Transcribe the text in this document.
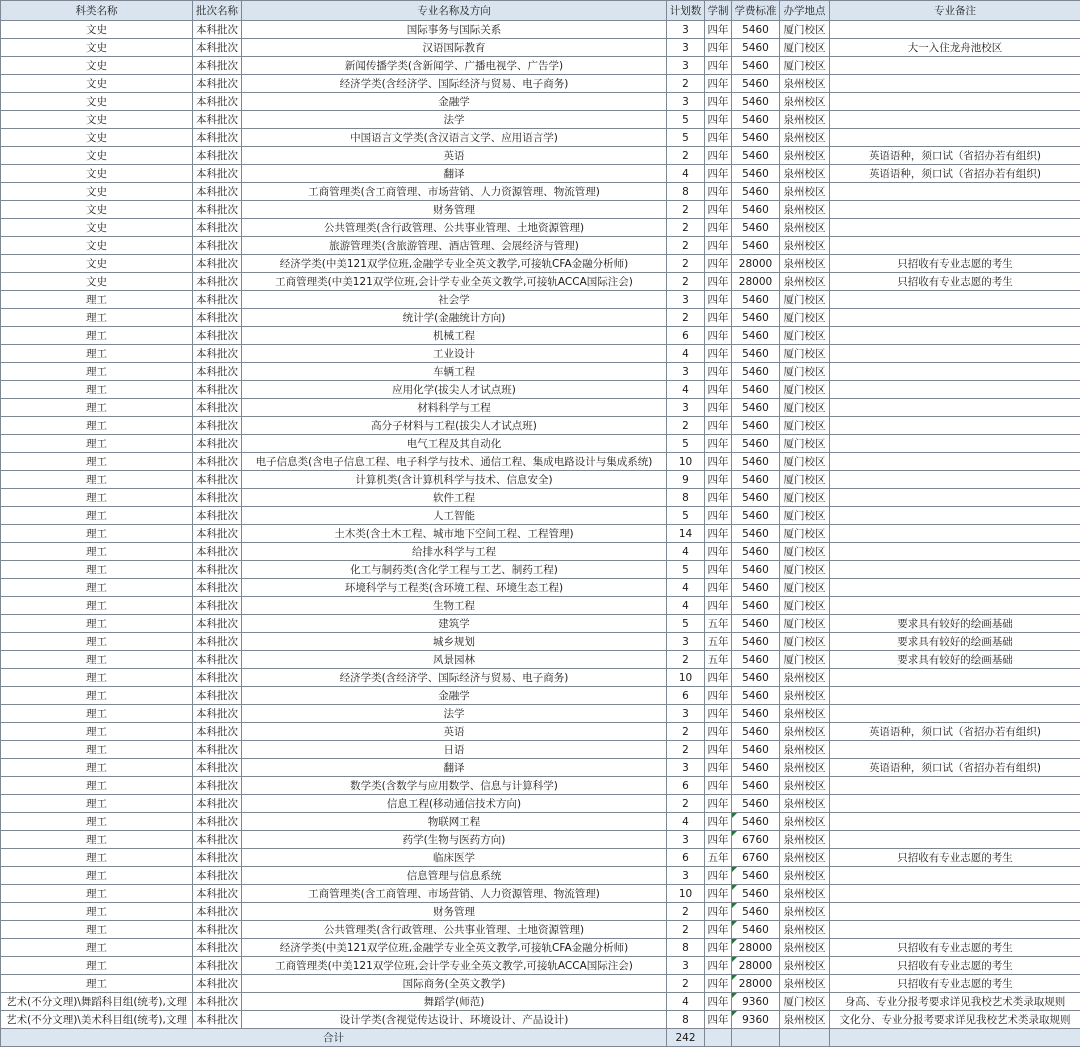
科类名称	批次名称	专业名称及方向	计划数	学制	学费标准	办学地点	专业备注
文史	本科批次	国际事务与国际关系	3	四年	5460	厦门校区	
文史	本科批次	汉语国际教育	3	四年	5460	厦门校区	大一入住龙舟池校区
文史	本科批次	新闻传播学类(含新闻学、广播电视学、广告学)	3	四年	5460	厦门校区	
文史	本科批次	经济学类(含经济学、国际经济与贸易、电子商务)	2	四年	5460	泉州校区	
文史	本科批次	金融学	3	四年	5460	泉州校区	
文史	本科批次	法学	5	四年	5460	泉州校区	
文史	本科批次	中国语言文学类(含汉语言文学、应用语言学)	5	四年	5460	泉州校区	
文史	本科批次	英语	2	四年	5460	泉州校区	英语语种，须口试（省招办若有组织)
文史	本科批次	翻译	4	四年	5460	泉州校区	英语语种，须口试（省招办若有组织)
文史	本科批次	工商管理类(含工商管理、市场营销、人力资源管理、物流管理)	8	四年	5460	泉州校区	
文史	本科批次	财务管理	2	四年	5460	泉州校区	
文史	本科批次	公共管理类(含行政管理、公共事业管理、土地资源管理)	2	四年	5460	泉州校区	
文史	本科批次	旅游管理类(含旅游管理、酒店管理、会展经济与管理)	2	四年	5460	泉州校区	
文史	本科批次	经济学类(中美121双学位班,金融学专业全英文教学,可接轨CFA金融分析师)	2	四年	28000	泉州校区	只招收有专业志愿的考生
文史	本科批次	工商管理类(中美121双学位班,会计学专业全英文教学,可接轨ACCA国际注会)	2	四年	28000	泉州校区	只招收有专业志愿的考生
理工	本科批次	社会学	3	四年	5460	厦门校区	
理工	本科批次	统计学(金融统计方向)	2	四年	5460	厦门校区	
理工	本科批次	机械工程	6	四年	5460	厦门校区	
理工	本科批次	工业设计	4	四年	5460	厦门校区	
理工	本科批次	车辆工程	3	四年	5460	厦门校区	
理工	本科批次	应用化学(拔尖人才试点班)	4	四年	5460	厦门校区	
理工	本科批次	材料科学与工程	3	四年	5460	厦门校区	
理工	本科批次	高分子材料与工程(拔尖人才试点班)	2	四年	5460	厦门校区	
理工	本科批次	电气工程及其自动化	5	四年	5460	厦门校区	
理工	本科批次	电子信息类(含电子信息工程、电子科学与技术、通信工程、集成电路设计与集成系统)	10	四年	5460	厦门校区	
理工	本科批次	计算机类(含计算机科学与技术、信息安全)	9	四年	5460	厦门校区	
理工	本科批次	软件工程	8	四年	5460	厦门校区	
理工	本科批次	人工智能	5	四年	5460	厦门校区	
理工	本科批次	土木类(含土木工程、城市地下空间工程、工程管理)	14	四年	5460	厦门校区	
理工	本科批次	给排水科学与工程	4	四年	5460	厦门校区	
理工	本科批次	化工与制药类(含化学工程与工艺、制药工程)	5	四年	5460	厦门校区	
理工	本科批次	环境科学与工程类(含环境工程、环境生态工程)	4	四年	5460	厦门校区	
理工	本科批次	生物工程	4	四年	5460	厦门校区	
理工	本科批次	建筑学	5	五年	5460	厦门校区	要求具有较好的绘画基础
理工	本科批次	城乡规划	3	五年	5460	厦门校区	要求具有较好的绘画基础
理工	本科批次	风景园林	2	五年	5460	厦门校区	要求具有较好的绘画基础
理工	本科批次	经济学类(含经济学、国际经济与贸易、电子商务)	10	四年	5460	泉州校区	
理工	本科批次	金融学	6	四年	5460	泉州校区	
理工	本科批次	法学	3	四年	5460	泉州校区	
理工	本科批次	英语	2	四年	5460	泉州校区	英语语种，须口试（省招办若有组织)
理工	本科批次	日语	2	四年	5460	泉州校区	
理工	本科批次	翻译	3	四年	5460	泉州校区	英语语种，须口试（省招办若有组织)
理工	本科批次	数学类(含数学与应用数学、信息与计算科学)	6	四年	5460	泉州校区	
理工	本科批次	信息工程(移动通信技术方向)	2	四年	5460	泉州校区	
理工	本科批次	物联网工程	4	四年	5460	泉州校区	
理工	本科批次	药学(生物与医药方向)	3	四年	6760	泉州校区	
理工	本科批次	临床医学	6	五年	6760	泉州校区	只招收有专业志愿的考生
理工	本科批次	信息管理与信息系统	3	四年	5460	泉州校区	
理工	本科批次	工商管理类(含工商管理、市场营销、人力资源管理、物流管理)	10	四年	5460	泉州校区	
理工	本科批次	财务管理	2	四年	5460	泉州校区	
理工	本科批次	公共管理类(含行政管理、公共事业管理、土地资源管理)	2	四年	5460	泉州校区	
理工	本科批次	经济学类(中美121双学位班,金融学专业全英文教学,可接轨CFA金融分析师)	8	四年	28000	泉州校区	只招收有专业志愿的考生
理工	本科批次	工商管理类(中美121双学位班,会计学专业全英文教学,可接轨ACCA国际注会)	3	四年	28000	泉州校区	只招收有专业志愿的考生
理工	本科批次	国际商务(全英文教学)	2	四年	28000	泉州校区	只招收有专业志愿的考生
艺术(不分文理)\舞蹈科目组(统考),文理	本科批次	舞蹈学(师范)	4	四年	9360	厦门校区	身高、专业分报考要求详见我校艺术类录取规则
艺术(不分文理)\美术科目组(统考),文理	本科批次	设计学类(含视觉传达设计、环境设计、产品设计)	8	四年	9360	泉州校区	文化分、专业分报考要求详见我校艺术类录取规则
合计			242				
